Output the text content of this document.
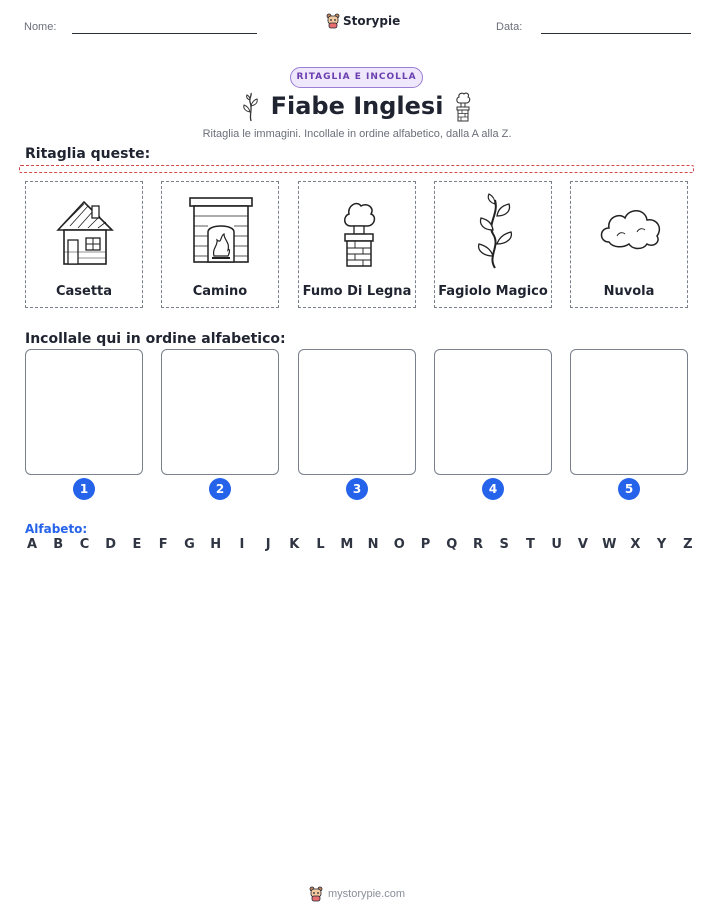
Nome:	Data:
Storypie
RITAGLIA E INCOLLA
Fiabe Inglesi
Ritaglia le immagini. Incollale in ordine alfabetico, dalla A alla Z.
Ritaglia queste:
Casetta	Camino	Fumo Di Legna Fagiolo Magico	Nuvola
Incollale qui in ordine alfabetico:
1	2	3	4	5
Alfabeto:
A B C D E F G H	I	J	K L M N O P Q R S T U V W X Y Z
mystorypie.com
